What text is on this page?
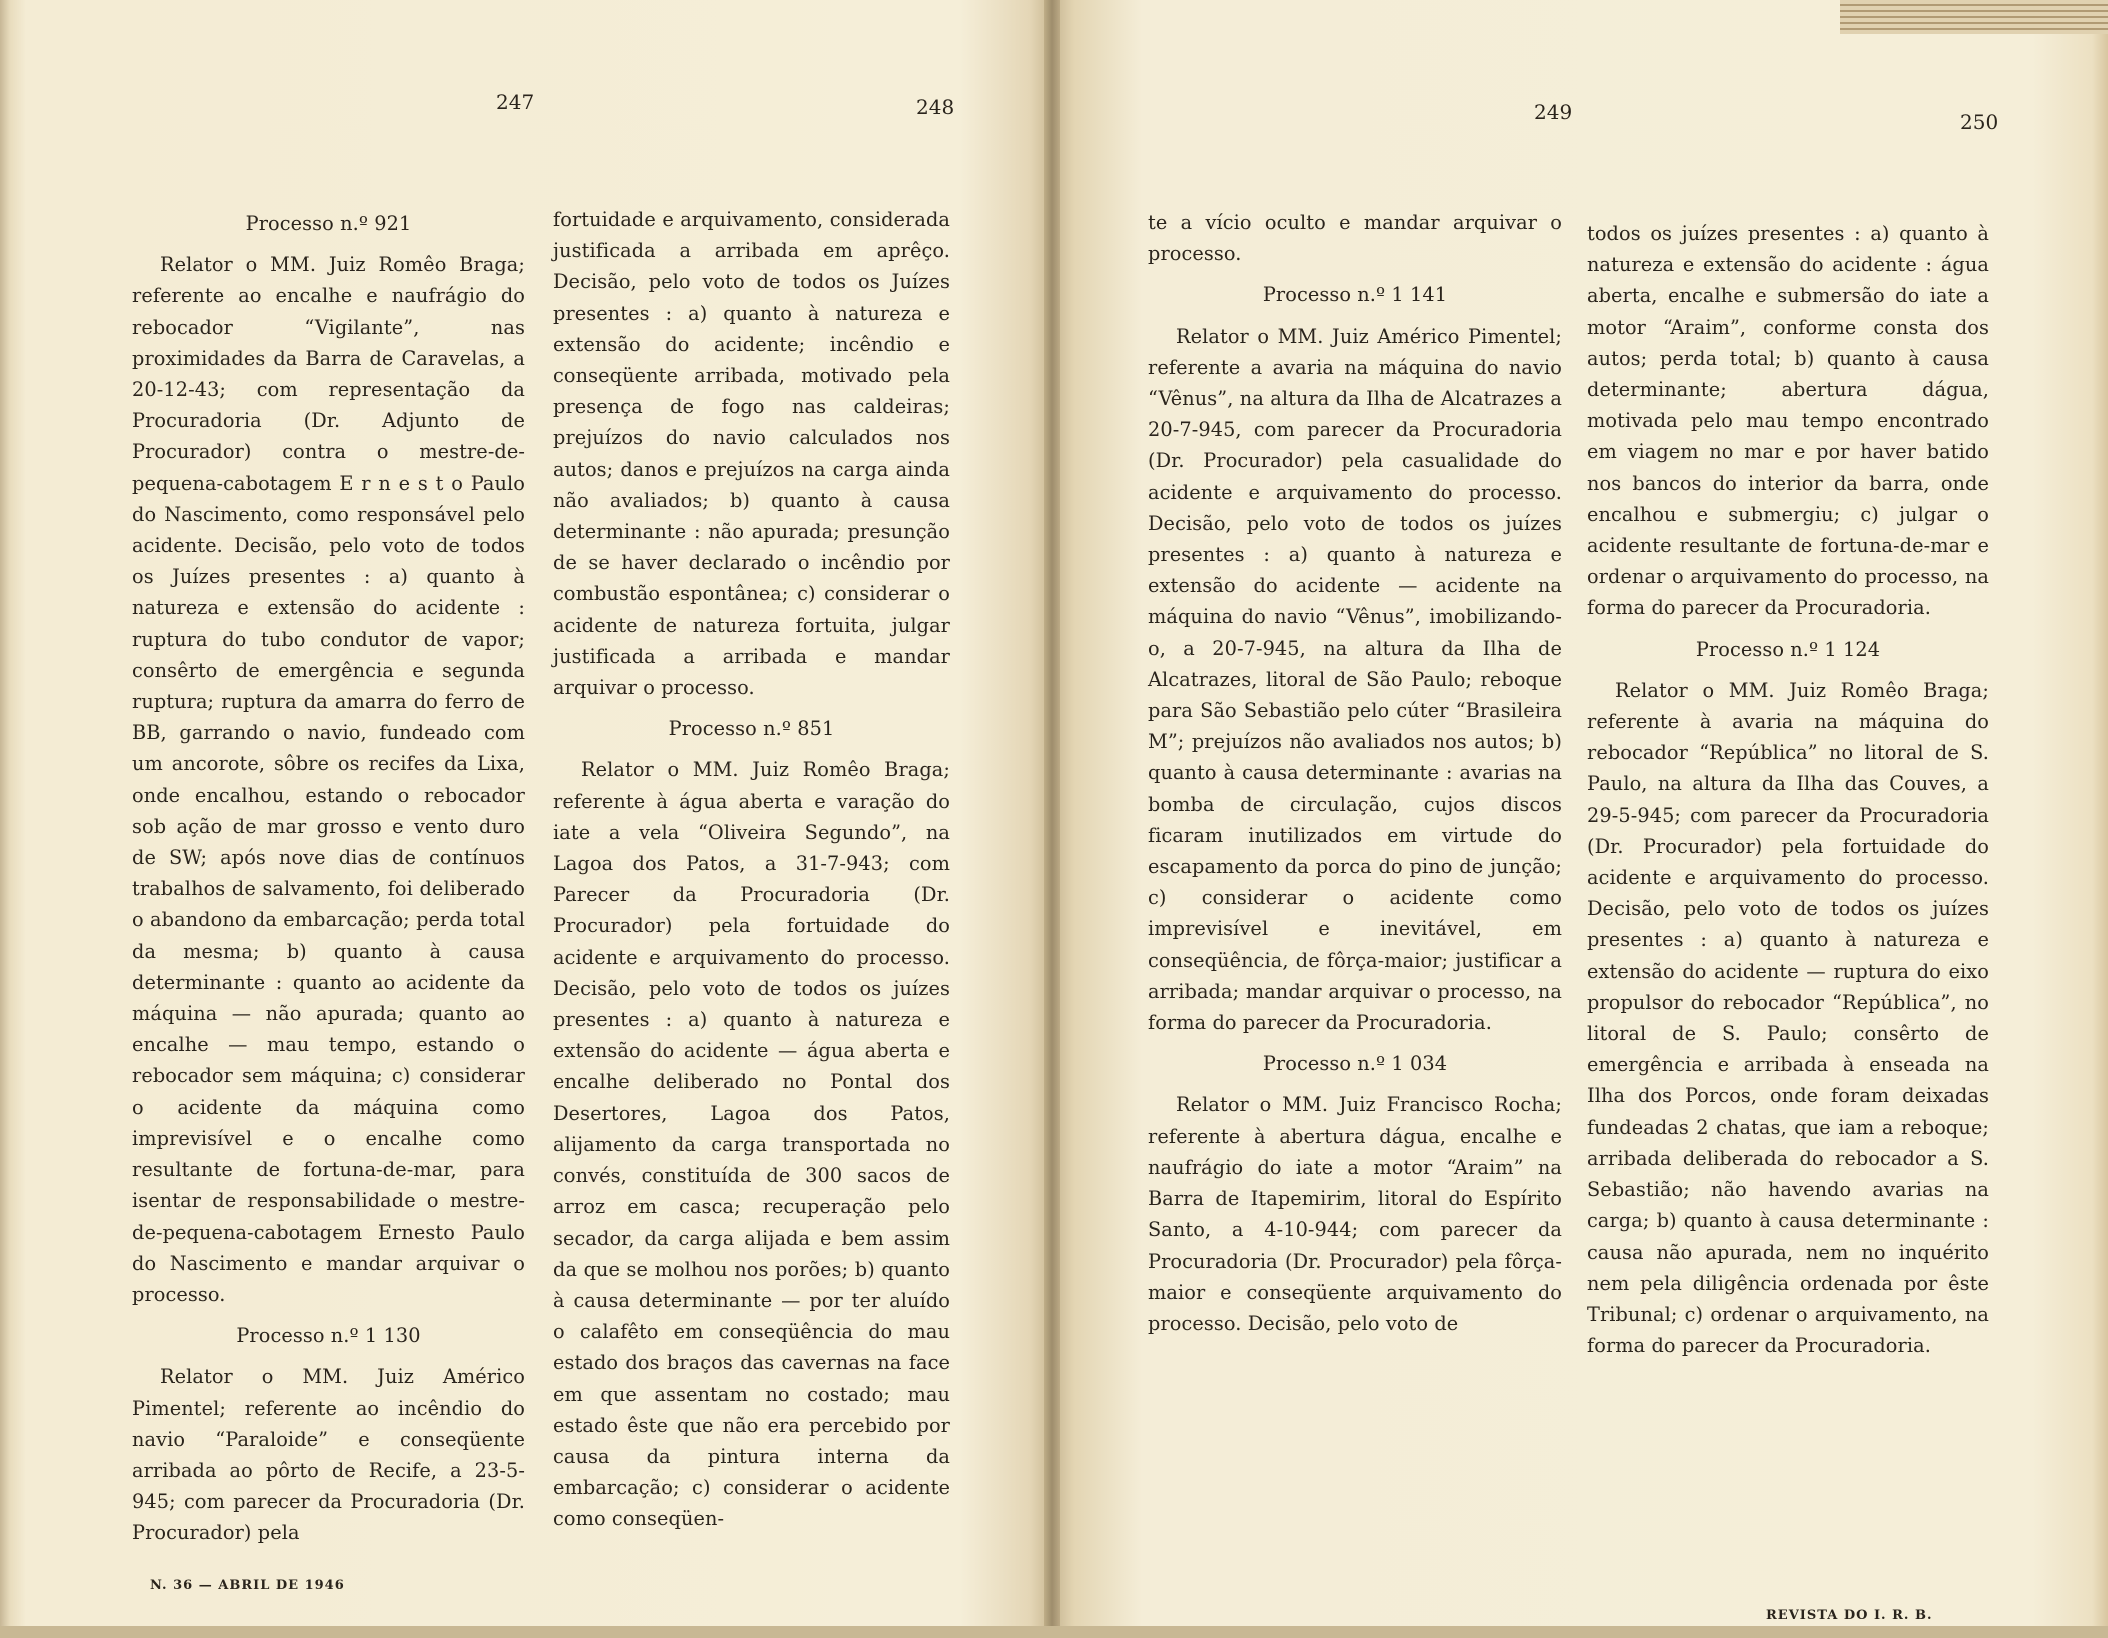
247	248	249	250

Processo n.º 921

Relator o MM. Juiz Romêo Braga; referente ao encalhe e naufrágio do rebocador “Vigilante”, nas proximidades da Barra de Caravelas, a 20-12-43; com representação da Procuradoria (Dr. Adjunto de Procurador) contra o mestre-de-pequena-cabotagem E r n e s t o Paulo do Nascimento, como responsável pelo acidente. Decisão, pelo voto de todos os Juízes presentes : a) quanto à natureza e extensão do acidente : ruptura do tubo condutor de vapor; consêrto de emergência e segunda ruptura; ruptura da amarra do ferro de BB, garrando o navio, fundeado com um ancorote, sôbre os recifes da Lixa, onde encalhou, estando o rebocador sob ação de mar grosso e vento duro de SW; após nove dias de contínuos trabalhos de salvamento, foi deliberado o abandono da embarcação; perda total da mesma; b) quanto à causa determinante : quanto ao acidente da máquina — não apurada; quanto ao encalhe — mau tempo, estando o rebocador sem máquina; c) considerar o acidente da máquina como imprevisível e o encalhe como resultante de fortuna-de-mar, para isentar de responsabilidade o mestre-de-pequena-cabotagem Ernesto Paulo do Nascimento e mandar arquivar o processo.

Processo n.º 1 130

Relator o MM. Juiz Américo Pimentel; referente ao incêndio do navio “Paraloide” e conseqüente arribada ao pôrto de Recife, a 23-5-945; com parecer da Procuradoria (Dr. Procurador) pela

fortuidade e arquivamento, considerada justificada a arribada em aprêço. Decisão, pelo voto de todos os Juízes presentes : a) quanto à natureza e extensão do acidente; incêndio e conseqüente arribada, motivado pela presença de fogo nas caldeiras; prejuízos do navio calculados nos autos; danos e prejuízos na carga ainda não avaliados; b) quanto à causa determinante : não apurada; presunção de se haver declarado o incêndio por combustão espontânea; c) considerar o acidente de natureza fortuita, julgar justificada a arribada e mandar arquivar o processo.

Processo n.º 851

Relator o MM. Juiz Romêo Braga; referente à água aberta e varação do iate a vela “Oliveira Segundo”, na Lagoa dos Patos, a 31-7-943; com Parecer da Procuradoria (Dr. Procurador) pela fortuidade do acidente e arquivamento do processo. Decisão, pelo voto de todos os juízes presentes : a) quanto à natureza e extensão do acidente — água aberta e encalhe deliberado no Pontal dos Desertores, Lagoa dos Patos, alijamento da carga transportada no convés, constituída de 300 sacos de arroz em casca; recuperação pelo secador, da carga alijada e bem assim da que se molhou nos porões; b) quanto à causa determinante — por ter aluído o calafêto em conseqüência do mau estado dos braços das cavernas na face em que assentam no costado; mau estado êste que não era percebido por causa da pintura interna da embarcação; c) considerar o acidente como conseqüen-

te a vício oculto e mandar arquivar o processo.

Processo n.º 1 141

Relator o MM. Juiz Américo Pimentel; referente a avaria na máquina do navio “Vênus”, na altura da Ilha de Alcatrazes a 20-7-945, com parecer da Procuradoria (Dr. Procurador) pela casualidade do acidente e arquivamento do processo. Decisão, pelo voto de todos os juízes presentes : a) quanto à natureza e extensão do acidente — acidente na máquina do navio “Vênus”, imobilizando-o, a 20-7-945, na altura da Ilha de Alcatrazes, litoral de São Paulo; reboque para São Sebastião pelo cúter “Brasileira M”; prejuízos não avaliados nos autos; b) quanto à causa determinante : avarias na bomba de circulação, cujos discos ficaram inutilizados em virtude do escapamento da porca do pino de junção; c) considerar o acidente como imprevisível e inevitável, em conseqüência, de fôrça-maior; justificar a arribada; mandar arquivar o processo, na forma do parecer da Procuradoria.

Processo n.º 1 034

Relator o MM. Juiz Francisco Rocha; referente à abertura dágua, encalhe e naufrágio do iate a motor “Araim” na Barra de Itapemirim, litoral do Espírito Santo, a 4-10-944; com parecer da Procuradoria (Dr. Procurador) pela fôrça-maior e conseqüente arquivamento do processo. Decisão, pelo voto de

todos os juízes presentes : a) quanto à natureza e extensão do acidente : água aberta, encalhe e submersão do iate a motor “Araim”, conforme consta dos autos; perda total; b) quanto à causa determinante; abertura dágua, motivada pelo mau tempo encontrado em viagem no mar e por haver batido nos bancos do interior da barra, onde encalhou e submergiu; c) julgar o acidente resultante de fortuna-de-mar e ordenar o arquivamento do processo, na forma do parecer da Procuradoria.

Processo n.º 1 124

Relator o MM. Juiz Romêo Braga; referente à avaria na máquina do rebocador “República” no litoral de S. Paulo, na altura da Ilha das Couves, a 29-5-945; com parecer da Procuradoria (Dr. Procurador) pela fortuidade do acidente e arquivamento do processo. Decisão, pelo voto de todos os juízes presentes : a) quanto à natureza e extensão do acidente — ruptura do eixo propulsor do rebocador “República”, no litoral de S. Paulo; consêrto de emergência e arribada à enseada na Ilha dos Porcos, onde foram deixadas fundeadas 2 chatas, que iam a reboque; arribada deliberada do rebocador a S. Sebastião; não havendo avarias na carga; b) quanto à causa determinante : causa não apurada, nem no inquérito nem pela diligência ordenada por êste Tribunal; c) ordenar o arquivamento, na forma do parecer da Procuradoria.

N. 36 — ABRIL DE 1946
REVISTA DO I. R. B.
